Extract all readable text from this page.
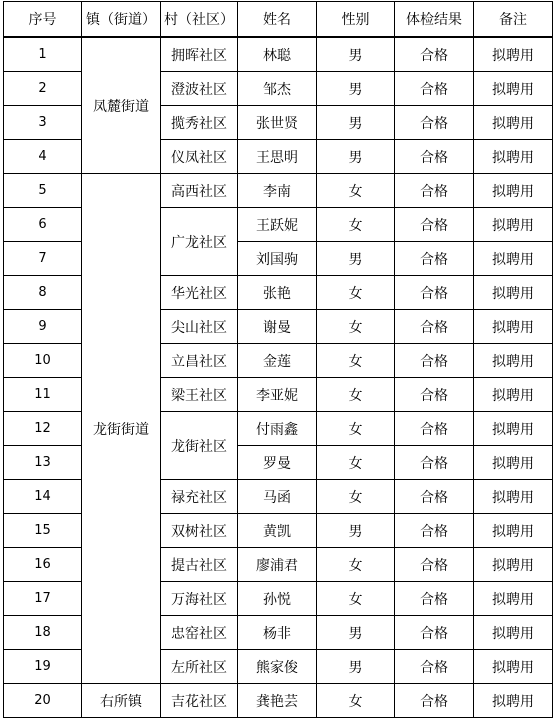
序号	镇（街道）	村（社区）	姓名	性别	体检结果	备注
1	凤麓街道	拥晖社区	林聪	男	合格	拟聘用
2		澄波社区	邹杰	男	合格	拟聘用
3		揽秀社区	张世贤	男	合格	拟聘用
4		仪凤社区	王思明	男	合格	拟聘用
5	龙街街道	高西社区	李南	女	合格	拟聘用
6		广龙社区	王跃妮	女	合格	拟聘用
7			刘国驹	男	合格	拟聘用
8		华光社区	张艳	女	合格	拟聘用
9		尖山社区	谢曼	女	合格	拟聘用
10		立昌社区	金莲	女	合格	拟聘用
11		梁王社区	李亚妮	女	合格	拟聘用
12		龙街社区	付雨鑫	女	合格	拟聘用
13			罗曼	女	合格	拟聘用
14		禄充社区	马函	女	合格	拟聘用
15		双树社区	黄凯	男	合格	拟聘用
16		提古社区	廖浦君	女	合格	拟聘用
17		万海社区	孙悦	女	合格	拟聘用
18		忠窑社区	杨非	男	合格	拟聘用
19		左所社区	熊家俊	男	合格	拟聘用
20	右所镇	吉花社区	龚艳芸	女	合格	拟聘用
